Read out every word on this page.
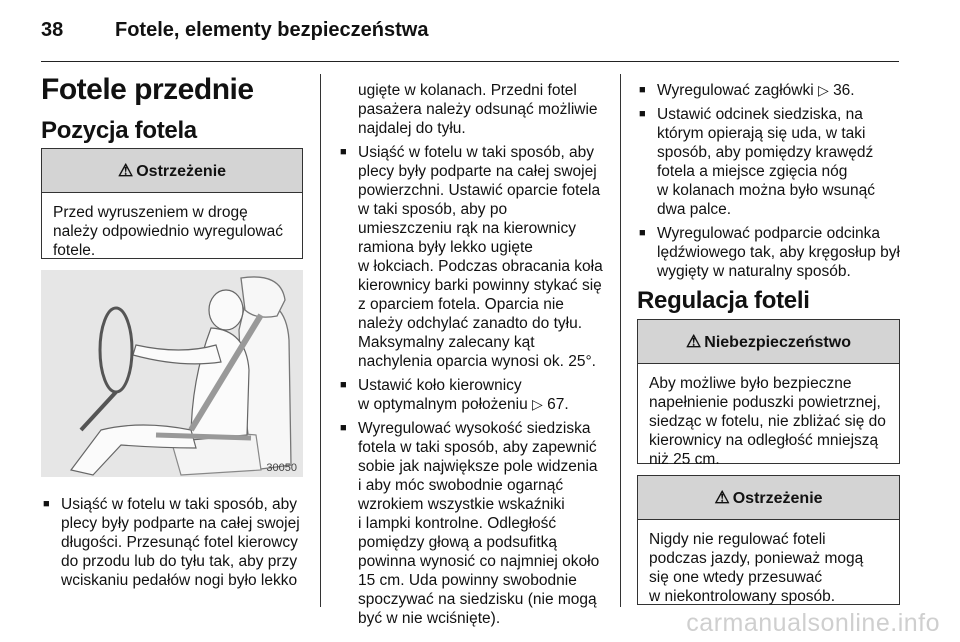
38	Fotele, elementy bezpieczeństwa
Fotele przednie
Pozycja fotela
⚠ Ostrzeżenie
Przed wyruszeniem w drogę należy odpowiednio wyregulować fotele.
30050
■ Usiąść w fotelu w taki sposób, aby
plecy były podparte na całej swojej
długości. Przesunąć fotel kierowcy
do przodu lub do tyłu tak, aby przy
wciskaniu pedałów nogi było lekko
ugięte w kolanach. Przedni fotel
pasażera należy odsunąć możliwie
najdalej do tyłu.
■ Usiąść w fotelu w taki sposób, aby
plecy były podparte na całej swojej
powierzchni. Ustawić oparcie fotela
w taki sposób, aby po
umieszczeniu rąk na kierownicy
ramiona były lekko ugięte
w łokciach. Podczas obracania koła
kierownicy barki powinny stykać się
z oparciem fotela. Oparcia nie
należy odchylać zanadto do tyłu.
Maksymalny zalecany kąt
nachylenia oparcia wynosi ok. 25°.
■ Ustawić koło kierownicy
w optymalnym położeniu ▷ 67.
■ Wyregulować wysokość siedziska
fotela w taki sposób, aby zapewnić
sobie jak największe pole widzenia
i aby móc swobodnie ogarnąć
wzrokiem wszystkie wskaźniki
i lampki kontrolne. Odległość
pomiędzy głową a podsufitką
powinna wynosić co najmniej około
15 cm. Uda powinny swobodnie
spoczywać na siedzisku (nie mogą
być w nie wciśnięte).
■ Wyregulować zagłówki ▷ 36.
■ Ustawić odcinek siedziska, na
którym opierają się uda, w taki
sposób, aby pomiędzy krawędź
fotela a miejsce zgięcia nóg
w kolanach można było wsunąć
dwa palce.
■ Wyregulować podparcie odcinka
lędźwiowego tak, aby kręgosłup był
wygięty w naturalny sposób.
Regulacja foteli
⚠ Niebezpieczeństwo
Aby możliwe było bezpieczne
napełnienie poduszki powietrznej,
siedząc w fotelu, nie zbliżać się do
kierownicy na odległość mniejszą
niż 25 cm.
⚠ Ostrzeżenie
Nigdy nie regulować foteli
podczas jazdy, ponieważ mogą
się one wtedy przesuwać
w niekontrolowany sposób.
carmanualsonline.info
